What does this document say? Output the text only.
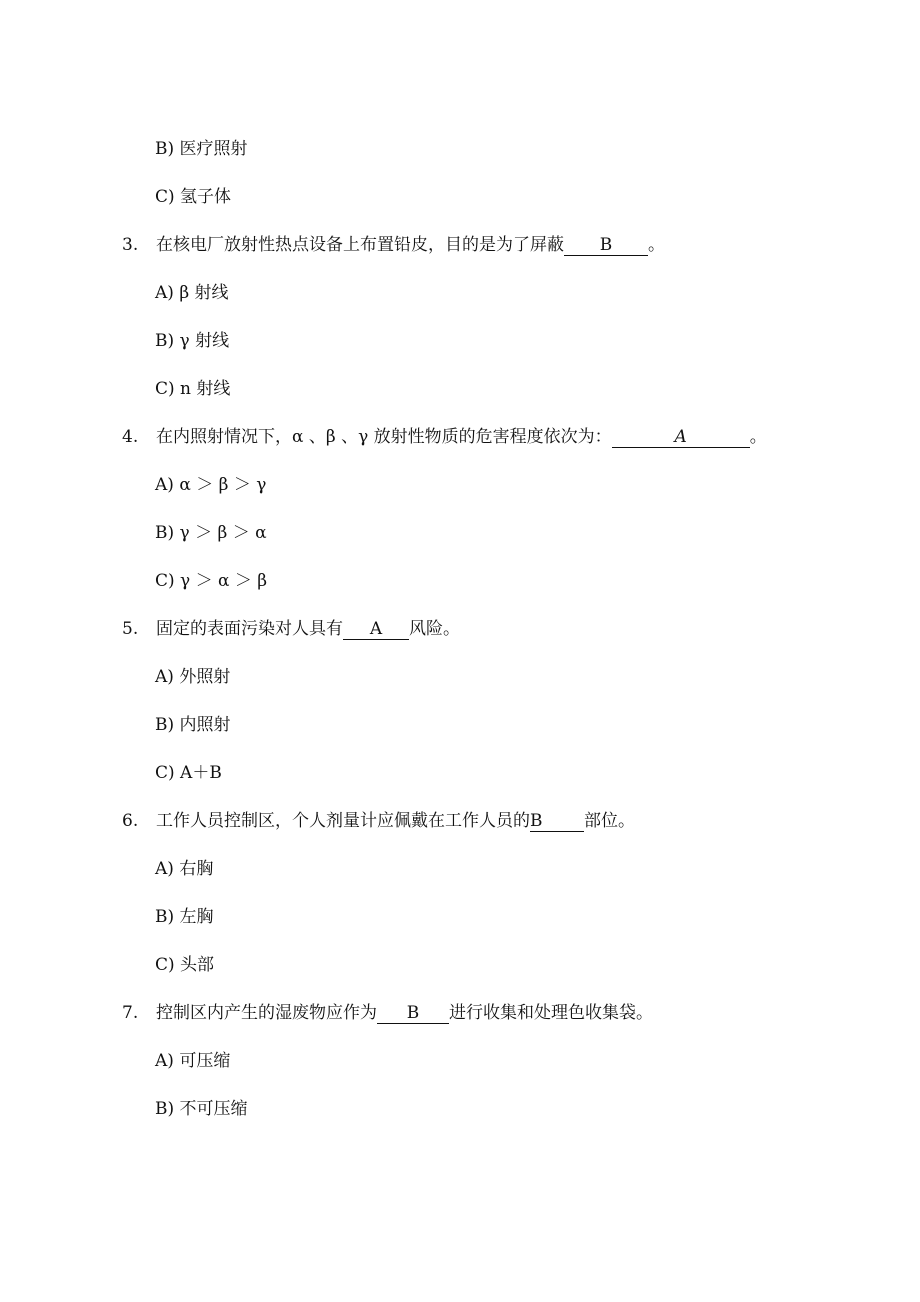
B) 医疗照射
C) 氢子体
3. 在核电厂放射性热点设备上布置铅皮，目的是为了屏蔽 B 。
A) β 射线
B) γ 射线
C) n 射线
4. 在内照射情况下，α 、β 、γ 放射性物质的危害程度依次为：	A	。
A) α ＞ β ＞ γ
B) γ ＞ β ＞ α
C) γ ＞ α ＞ β
5. 固定的表面污染对人具有 A 风险。
A) 外照射
B) 内照射
C) A＋B
6. 工作人员控制区，个人剂量计应佩戴在工作人员的B 部位。
A) 右胸
B) 左胸
C) 头部
7. 控制区内产生的湿废物应作为 B 进行收集和处理色收集袋。
A) 可压缩
B) 不可压缩
